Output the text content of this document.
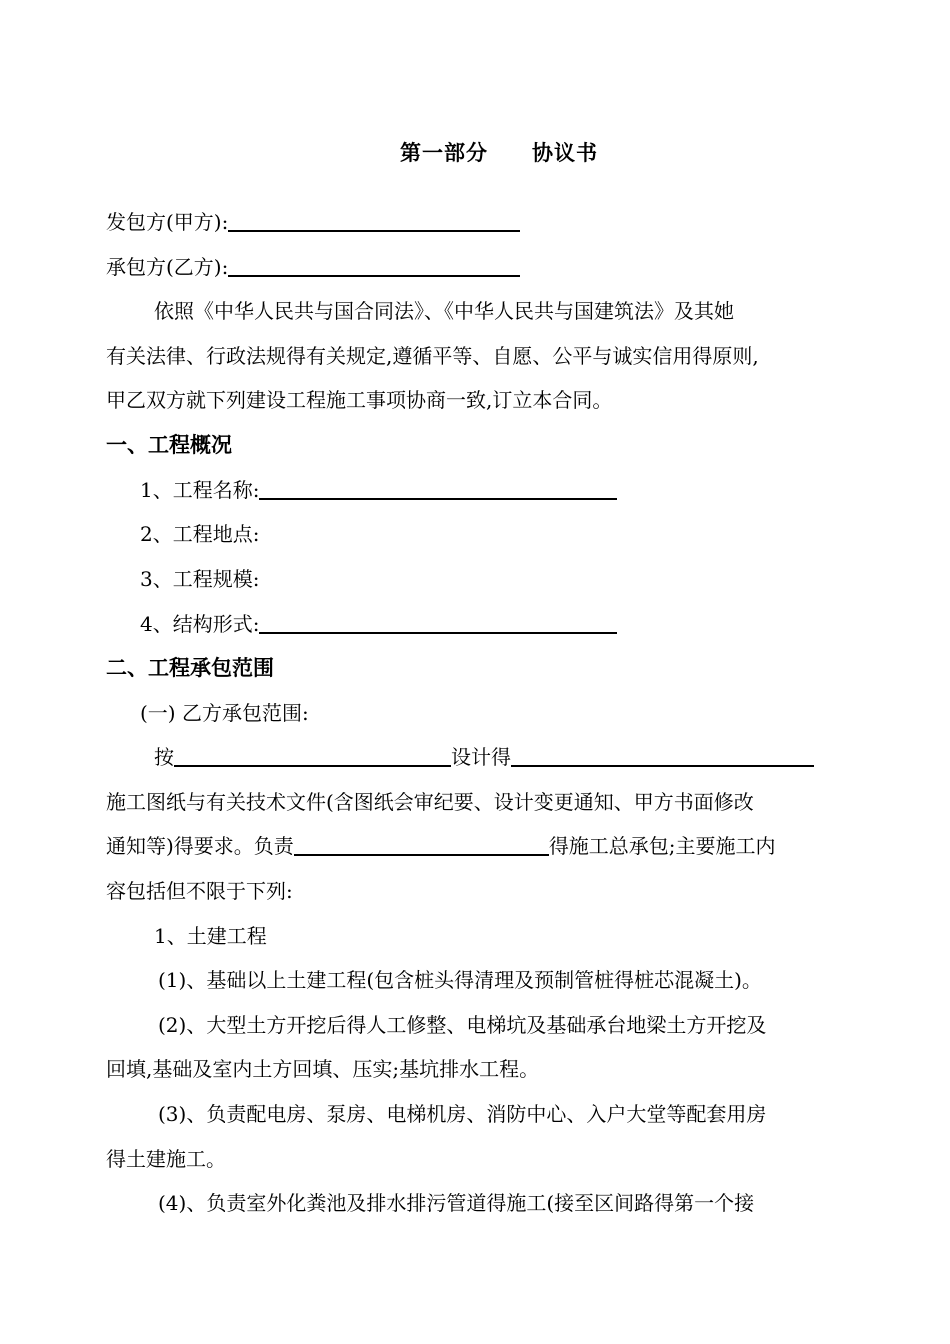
第一部分 协议书
发包方(甲方):
承包方(乙方):
依照《中华人民共与国合同法》、《中华人民共与国建筑法》及其她
有关法律、行政法规得有关规定,遵循平等、自愿、公平与诚实信用得原则,
甲乙双方就下列建设工程施工事项协商一致,订立本合同。
一、工程概况
1、工程名称:
2、工程地点:
3、工程规模:
4、结构形式:
二、工程承包范围
(一) 乙方承包范围:
按	设计得
施工图纸与有关技术文件(含图纸会审纪要、设计变更通知、甲方书面修改
通知等)得要求。负责	得施工总承包;主要施工内
容包括但不限于下列:
1、土建工程
(1)、基础以上土建工程(包含桩头得清理及预制管桩得桩芯混凝土)。
(2)、大型土方开挖后得人工修整、电梯坑及基础承台地梁土方开挖及
回填,基础及室内土方回填、压实;基坑排水工程。
(3)、负责配电房、泵房、电梯机房、消防中心、入户大堂等配套用房
得土建施工。
(4)、负责室外化粪池及排水排污管道得施工(接至区间路得第一个接
